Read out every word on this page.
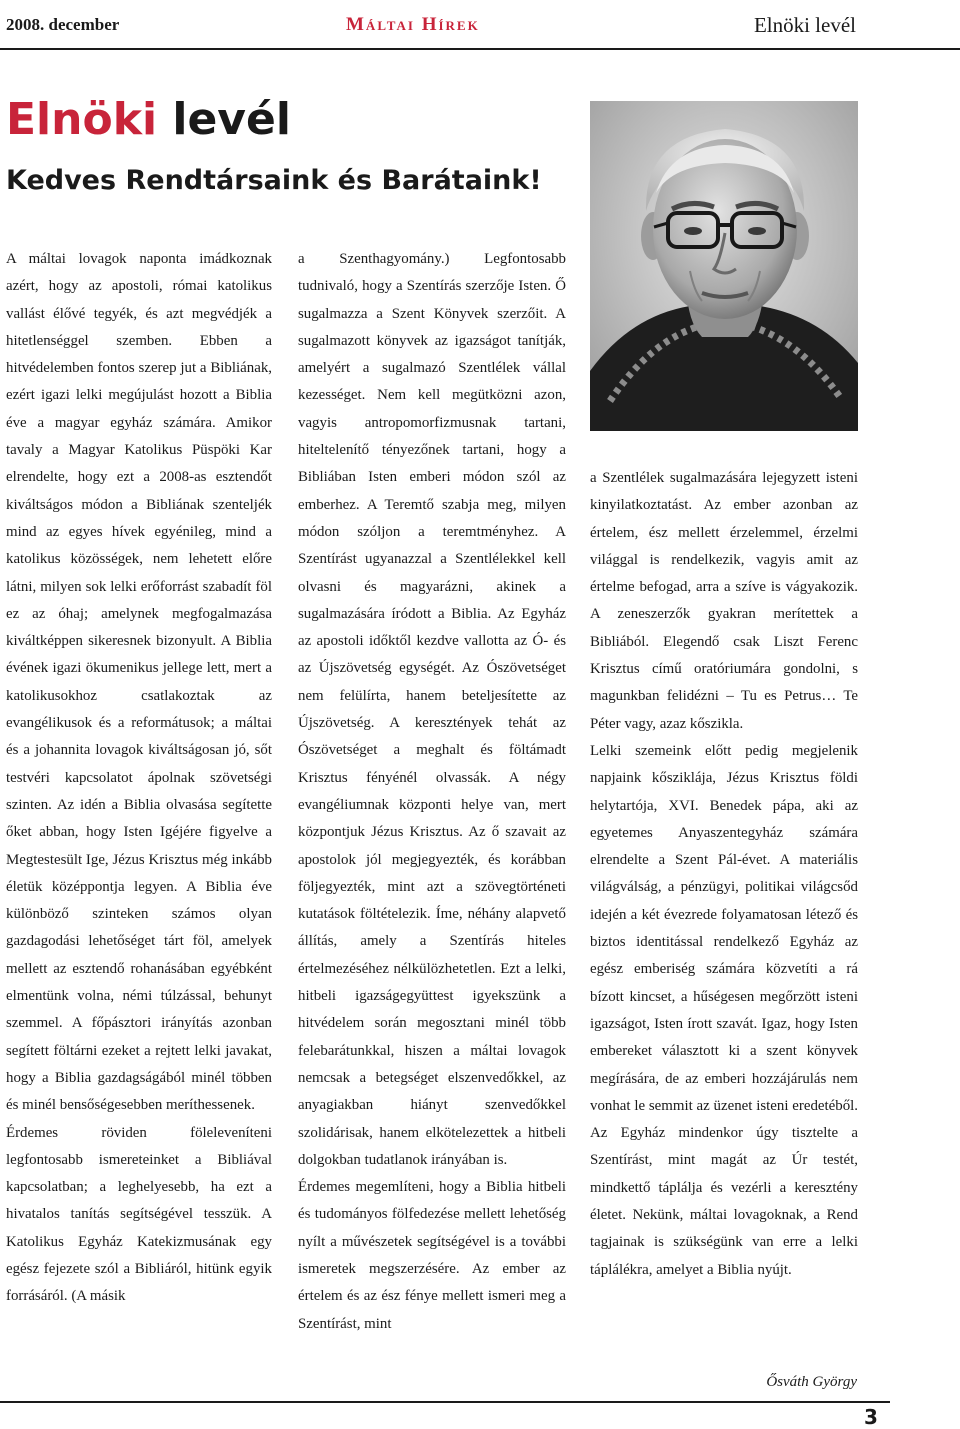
2008. december	Máltai Hírek	Elnöki levél
Elnöki levél
Kedves Rendtársaink és Barátaink!

A máltai lovagok naponta imádkoznak azért, hogy az apostoli, római katolikus vallást élővé tegyék, és azt megvédjék a hitetlenséggel szemben. Ebben a hitvédelemben fontos szerep jut a Bibliának, ezért igazi lelki megújulást hozott a Biblia éve a magyar egyház számára. Amikor tavaly a Magyar Katolikus Püspöki Kar elrendelte, hogy ezt a 2008-as esztendőt kiváltságos módon a Bibliának szenteljék mind az egyes hívek egyénileg, mind a katolikus közösségek, nem lehetett előre látni, milyen sok lelki erőforrást szabadít föl ez az óhaj; amelynek megfogalmazása kiváltképpen sikeresnek bizonyult. A Biblia évének igazi ökumenikus jellege lett, mert a katolikusokhoz csatlakoztak az evangélikusok és a reformátusok; a máltai és a johannita lovagok kiváltságosan jó, sőt testvéri kapcsolatot ápolnak szövetségi szinten. Az idén a Biblia olvasása segítette őket abban, hogy Isten Igéjére figyelve a Megtestesült Ige, Jézus Krisztus még inkább életük középpontja legyen. A Biblia éve különböző szinteken számos olyan gazdagodási lehetőséget tárt föl, amelyek mellett az esztendő rohanásában egyébként elmentünk volna, némi túlzással, behunyt szemmel. A főpásztori irányítás azonban segített föltárni ezeket a rejtett lelki javakat, hogy a Biblia gazdagságából minél többen és minél bensőségesebben meríthessenek.

Érdemes röviden föleleveníteni legfontosabb ismereteinket a Bibliával kapcsolatban; a leghelyesebb, ha ezt a hivatalos tanítás segítségével tesszük. A Katolikus Egyház Katekizmusának egy egész fejezete szól a Bibliáról, hitünk egyik forrásáról. (A másik

a Szenthagyomány.) Legfontosabb tudnivaló, hogy a Szentírás szerzője Isten. Ő sugalmazza a Szent Könyvek szerzőit. A sugalmazott könyvek az igazságot tanítják, amelyért a sugalmazó Szentlélek vállal kezességet. Nem kell megütközni azon, vagyis antropomorfizmusnak tartani, hiteltelenítő tényezőnek tartani, hogy a Bibliában Isten emberi módon szól az emberhez. A Teremtő szabja meg, milyen módon szóljon a teremtményhez. A Szentírást ugyanazzal a Szentlélekkel kell olvasni és magyarázni, akinek a sugalmazására íródott a Biblia. Az Egyház az apostoli időktől kezdve vallotta az Ó- és az Újszövetség egységét. Az Ószövetséget nem felülírta, hanem beteljesítette az Újszövetség. A keresztények tehát az Ószövetséget a meghalt és föltámadt Krisztus fényénél olvassák. A négy evangéliumnak központi helye van, mert központjuk Jézus Krisztus. Az ő szavait az apostolok jól megjegyezték, és korábban följegyezték, mint azt a szövegtörténeti kutatások föltételezik. Íme, néhány alapvető állítás, amely a Szentírás hiteles értelmezéséhez nélkülözhetetlen. Ezt a lelki, hitbeli igazságegyüttest igyekszünk a hitvédelem során megosztani minél több felebarátunkkal, hiszen a máltai lovagok nemcsak a betegséget elszenvedőkkel, az anyagiakban hiányt szenvedőkkel szolidárisak, hanem elkötelezettek a hitbeli dolgokban tudatlanok irányában is.

Érdemes megemlíteni, hogy a Biblia hitbeli és tudományos fölfedezése mellett lehetőség nyílt a művészetek segítségével is a további ismeretek megszerzésére. Az ember az értelem és az ész fénye mellett ismeri meg a Szentírást, mint

a Szentlélek sugalmazására lejegyzett isteni kinyilatkoztatást. Az ember azonban az értelem, ész mellett érzelemmel, érzelmi világgal is rendelkezik, vagyis amit az értelme befogad, arra a szíve is vágyakozik. A zeneszerzők gyakran merítettek a Bibliából. Elegendő csak Liszt Ferenc Krisztus című oratóriumára gondolni, s magunkban felidézni – Tu es Petrus… Te Péter vagy, azaz kőszikla.

Lelki szemeink előtt pedig megjelenik napjaink kősziklája, Jézus Krisztus földi helytartója, XVI. Benedek pápa, aki az egyetemes Anyaszentegyház számára elrendelte a Szent Pál-évet. A materiális világválság, a pénzügyi, politikai világcsőd idején a két évezrede folyamatosan létező és biztos identitással rendelkező Egyház az egész emberiség számára közvetíti a rá bízott kincset, a hűségesen megőrzött isteni igazságot, Isten írott szavát. Igaz, hogy Isten embereket választott ki a szent könyvek megírására, de az emberi hozzájárulás nem vonhat le semmit az üzenet isteni eredetéből. Az Egyház mindenkor úgy tisztelte a Szentírást, mint magát az Úr testét, mindkettő táplálja és vezérli a keresztény életet. Nekünk, máltai lovagoknak, a Rend tagjainak is szükségünk van erre a lelki táplálékra, amelyet a Biblia nyújt.

Ősváth György
3
